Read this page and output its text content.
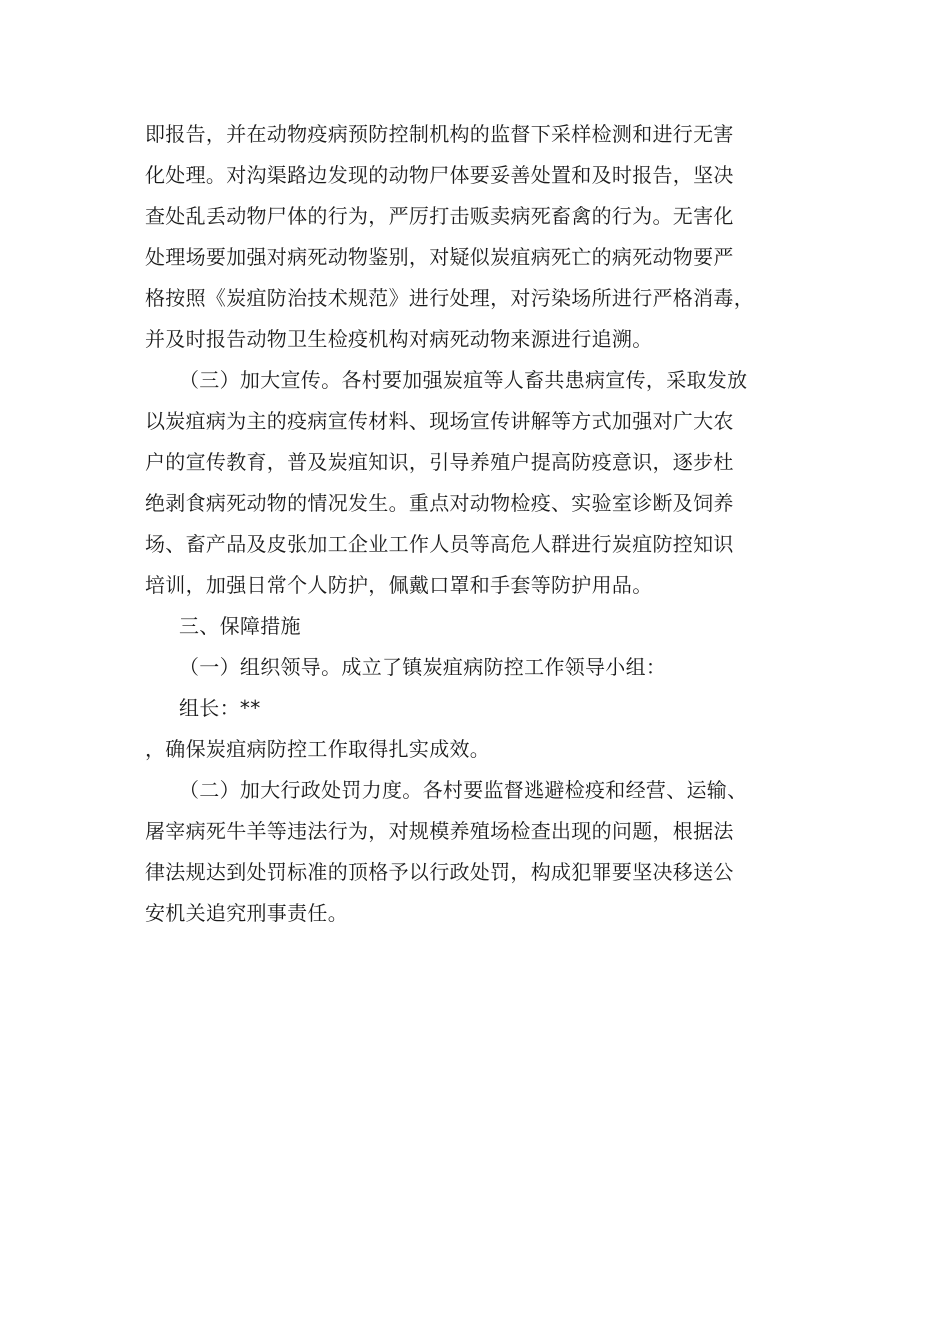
即报告，并在动物疫病预防控制机构的监督下采样检测和进行无害
化处理。对沟渠路边发现的动物尸体要妥善处置和及时报告，坚决
查处乱丢动物尸体的行为，严厉打击贩卖病死畜禽的行为。无害化
处理场要加强对病死动物鉴别，对疑似炭疽病死亡的病死动物要严
格按照《炭疽防治技术规范》进行处理，对污染场所进行严格消毒，
并及时报告动物卫生检疫机构对病死动物来源进行追溯。
（三）加大宣传。各村要加强炭疽等人畜共患病宣传，采取发放
以炭疽病为主的疫病宣传材料、现场宣传讲解等方式加强对广大农
户的宣传教育，普及炭疽知识，引导养殖户提高防疫意识，逐步杜
绝剥食病死动物的情况发生。重点对动物检疫、实验室诊断及饲养
场、畜产品及皮张加工企业工作人员等高危人群进行炭疽防控知识
培训，加强日常个人防护，佩戴口罩和手套等防护用品。
三、保障措施
（一）组织领导。成立了镇炭疽病防控工作领导小组：
组长：**
，确保炭疽病防控工作取得扎实成效。
（二）加大行政处罚力度。各村要监督逃避检疫和经营、运输、
屠宰病死牛羊等违法行为，对规模养殖场检查出现的问题，根据法
律法规达到处罚标准的顶格予以行政处罚，构成犯罪要坚决移送公
安机关追究刑事责任。
